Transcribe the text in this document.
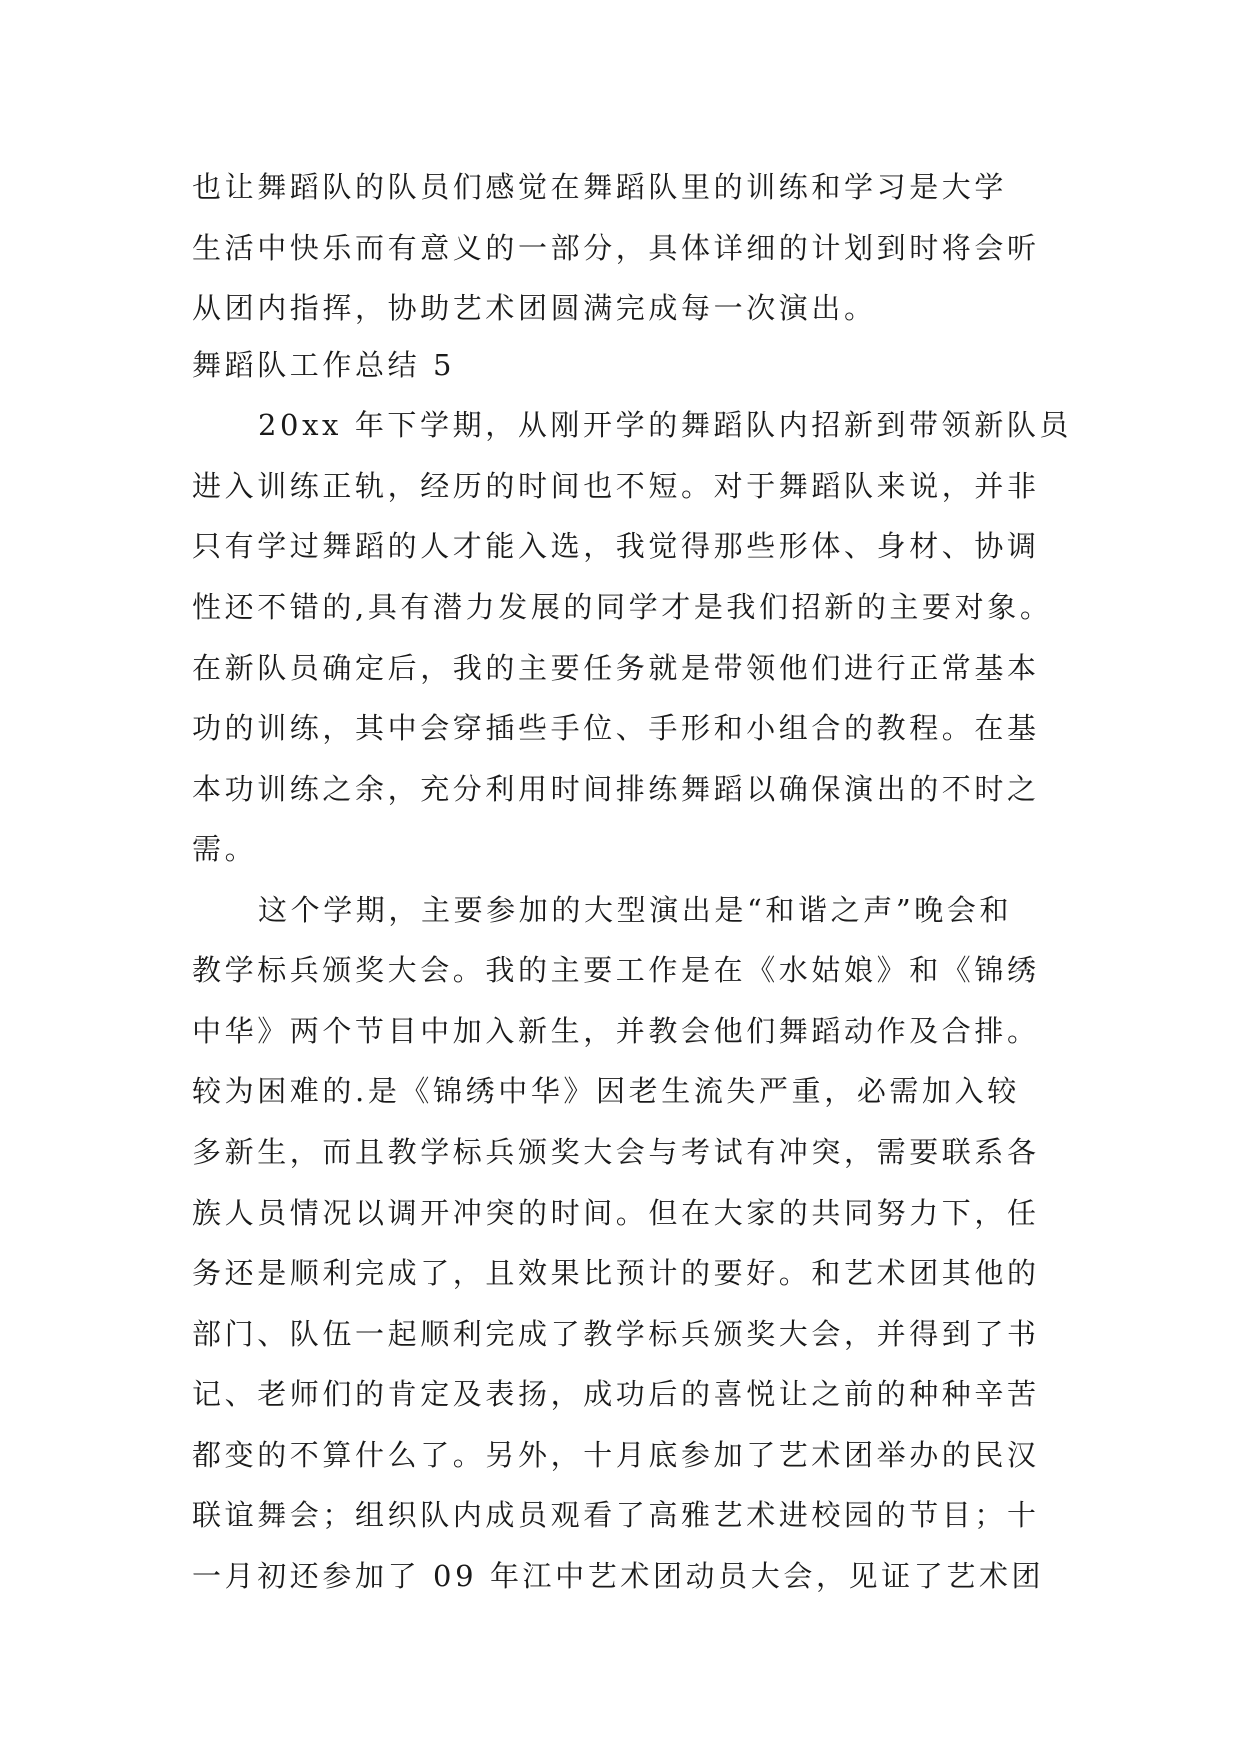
也让舞蹈队的队员们感觉在舞蹈队里的训练和学习是大学

生活中快乐而有意义的一部分，具体详细的计划到时将会听

从团内指挥，协助艺术团圆满完成每一次演出。

舞蹈队工作总结 5

20xx 年下学期，从刚开学的舞蹈队内招新到带领新队员

进入训练正轨，经历的时间也不短。对于舞蹈队来说，并非

只有学过舞蹈的人才能入选，我觉得那些形体、身材、协调

性还不错的,具有潜力发展的同学才是我们招新的主要对象。

在新队员确定后，我的主要任务就是带领他们进行正常基本

功的训练，其中会穿插些手位、手形和小组合的教程。在基

本功训练之余，充分利用时间排练舞蹈以确保演出的不时之

需。

这个学期，主要参加的大型演出是“和谐之声”晚会和

教学标兵颁奖大会。我的主要工作是在《水姑娘》和《锦绣

中华》两个节目中加入新生，并教会他们舞蹈动作及合排。

较为困难的.是《锦绣中华》因老生流失严重，必需加入较

多新生，而且教学标兵颁奖大会与考试有冲突，需要联系各

族人员情况以调开冲突的时间。但在大家的共同努力下，任

务还是顺利完成了，且效果比预计的要好。和艺术团其他的

部门、队伍一起顺利完成了教学标兵颁奖大会，并得到了书

记、老师们的肯定及表扬，成功后的喜悦让之前的种种辛苦

都变的不算什么了。另外，十月底参加了艺术团举办的民汉

联谊舞会；组织队内成员观看了高雅艺术进校园的节目；十

一月初还参加了 09 年江中艺术团动员大会，见证了艺术团
